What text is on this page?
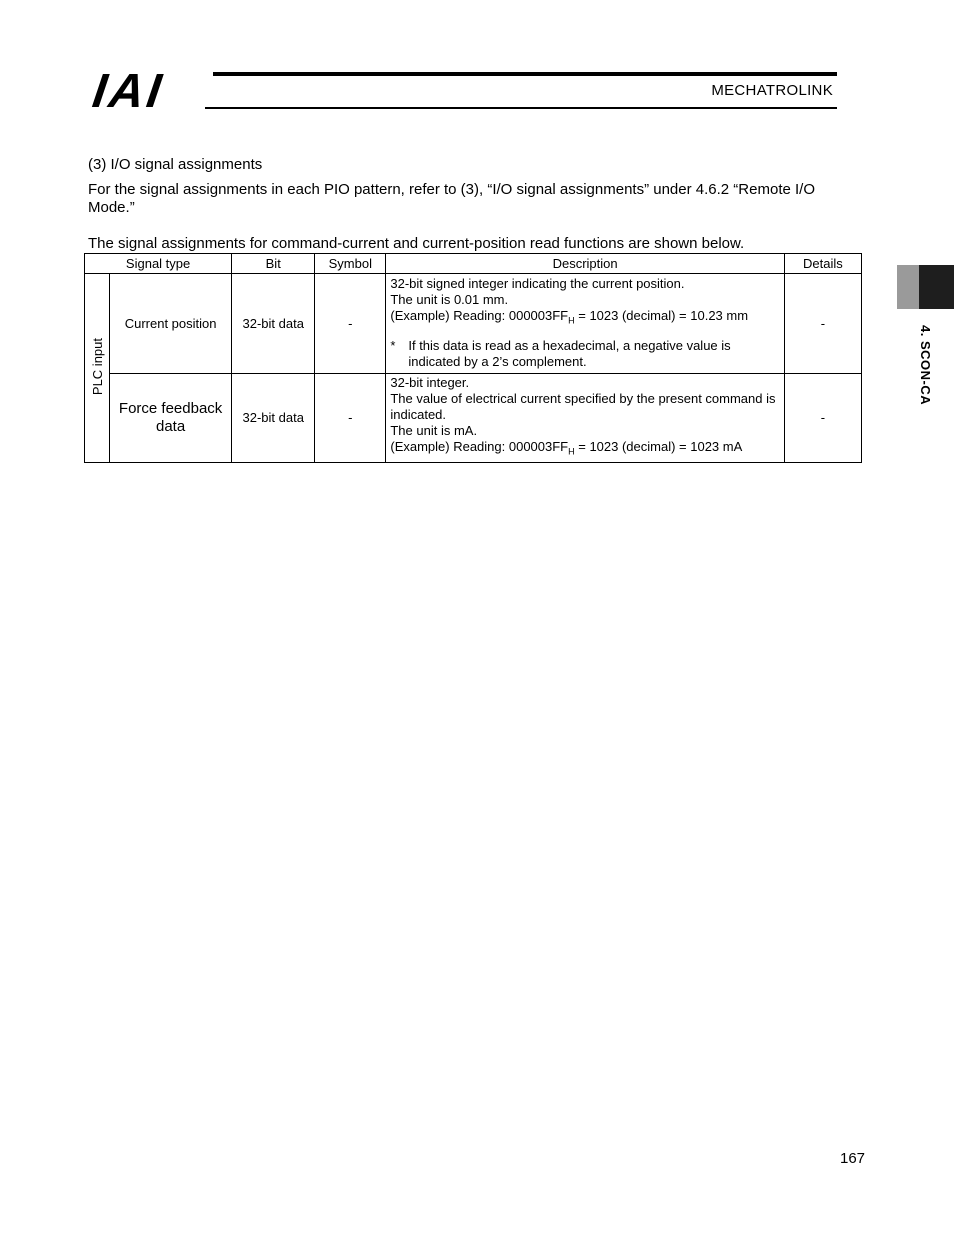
IAI	MECHATROLINK
4. SCON-CA
(3) I/O signal assignments
For the signal assignments in each PIO pattern, refer to (3), “I/O signal assignments” under 4.6.2 “Remote I/O Mode.”
The signal assignments for command-current and current-position read functions are shown below.
Signal type		Bit	Symbol	Description	Details
PLC input	Current position	32-bit data	-	32-bit signed integer indicating the current position.
The unit is 0.01 mm.
(Example) Reading: $000003FF_H = 1023$ (decimal) = 10.23 mm
* If this data is read as a hexadecimal, a negative value is indicated by a 2’s complement.	-
	Force feedback data	32-bit data	-	32-bit integer.
The value of electrical current specified by the present command is indicated.
The unit is mA.
(Example) Reading: $000003FF_H = 1023$ (decimal) = 1023 mA	-
167
